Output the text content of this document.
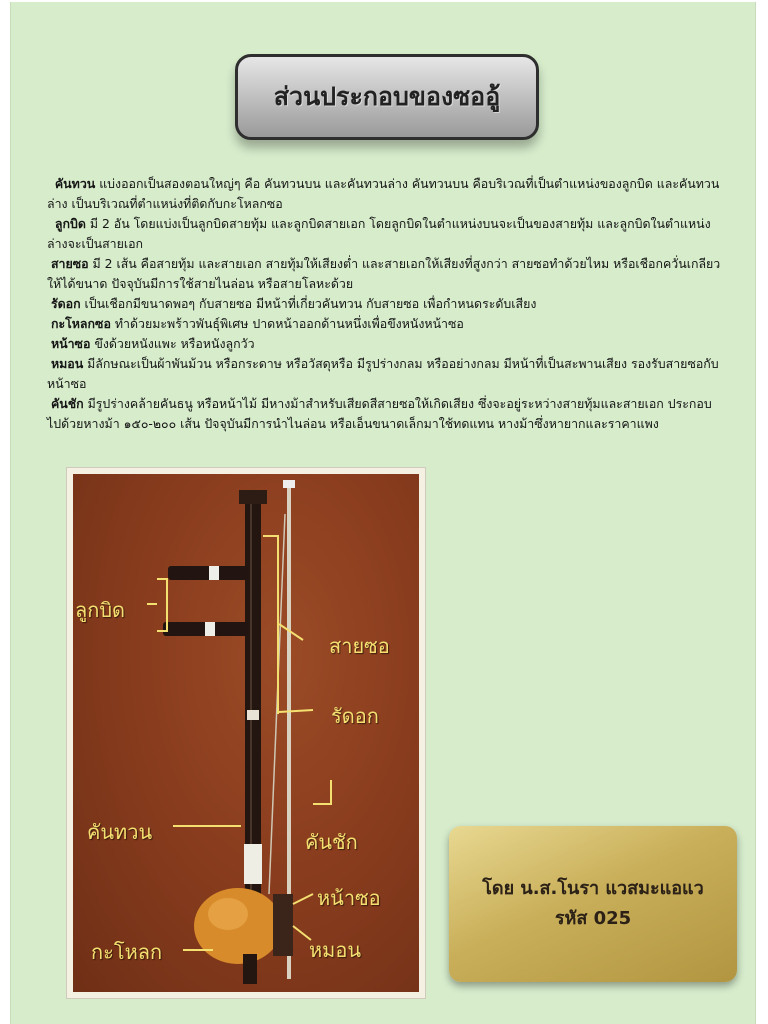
ส่วนประกอบของซออู้

คันทวน แบ่งออกเป็นสองตอนใหญ่ๆ คือ คันทวนบน และคันทวนล่าง คันทวนบน คือบริเวณที่เป็นตำแหน่งของลูกบิด และคันทวนล่าง เป็นบริเวณที่ตำแหน่งที่ติดกับกะโหลกซอ

ลูกบิด มี 2 อัน โดยแบ่งเป็นลูกบิดสายทุ้ม และลูกบิดสายเอก โดยลูกบิดในตำแหน่งบนจะเป็นของสายทุ้ม และลูกบิดในตำแหน่งล่างจะเป็นสายเอก

สายซอ มี 2 เส้น คือสายทุ้ม และสายเอก สายทุ้มให้เสียงต่ำ และสายเอกให้เสียงที่สูงกว่า สายซอทำด้วยไหม หรือเชือกควั่นเกลียวให้ได้ขนาด ปัจจุบันมีการใช้สายไนล่อน หรือสายโลหะด้วย

รัดอก เป็นเชือกมีขนาดพอๆ กับสายซอ มีหน้าที่เกี่ยวคันทวน กับสายซอ เพื่อกำหนดระดับเสียง

กะโหลกซอ ทำด้วยมะพร้าวพันธุ์พิเศษ ปาดหน้าออกด้านหนึ่งเพื่อขึงหนังหน้าซอ

หน้าซอ ขึงด้วยหนังแพะ หรือหนังลูกวัว

หมอน มีลักษณะเป็นผ้าพันม้วน หรือกระดาษ หรือวัสดุหรือ มีรูปร่างกลม หรืออย่างกลม มีหน้าที่เป็นสะพานเสียง รองรับสายซอกับหน้าซอ

คันชัก มีรูปร่างคล้ายคันธนู หรือหน้าไม้ มีหางม้าสำหรับเสียดสีสายซอให้เกิดเสียง ซึ่งจะอยู่ระหว่างสายทุ้มและสายเอก ประกอบไปด้วยหางม้า ๑๕๐-๒๐๐ เส้น ปัจจุบันมีการนำไนล่อน หรือเอ็นขนาดเล็กมาใช้ทดแทน หางม้าซึ่งหายากและราคาแพง

ลูกบิด
สายซอ
รัดอก
คันทวน	คันชัก
หน้าซอ
กะโหลก	หมอน
โดย น.ส.โนรา แวสมะแอแว
รหัส 025
